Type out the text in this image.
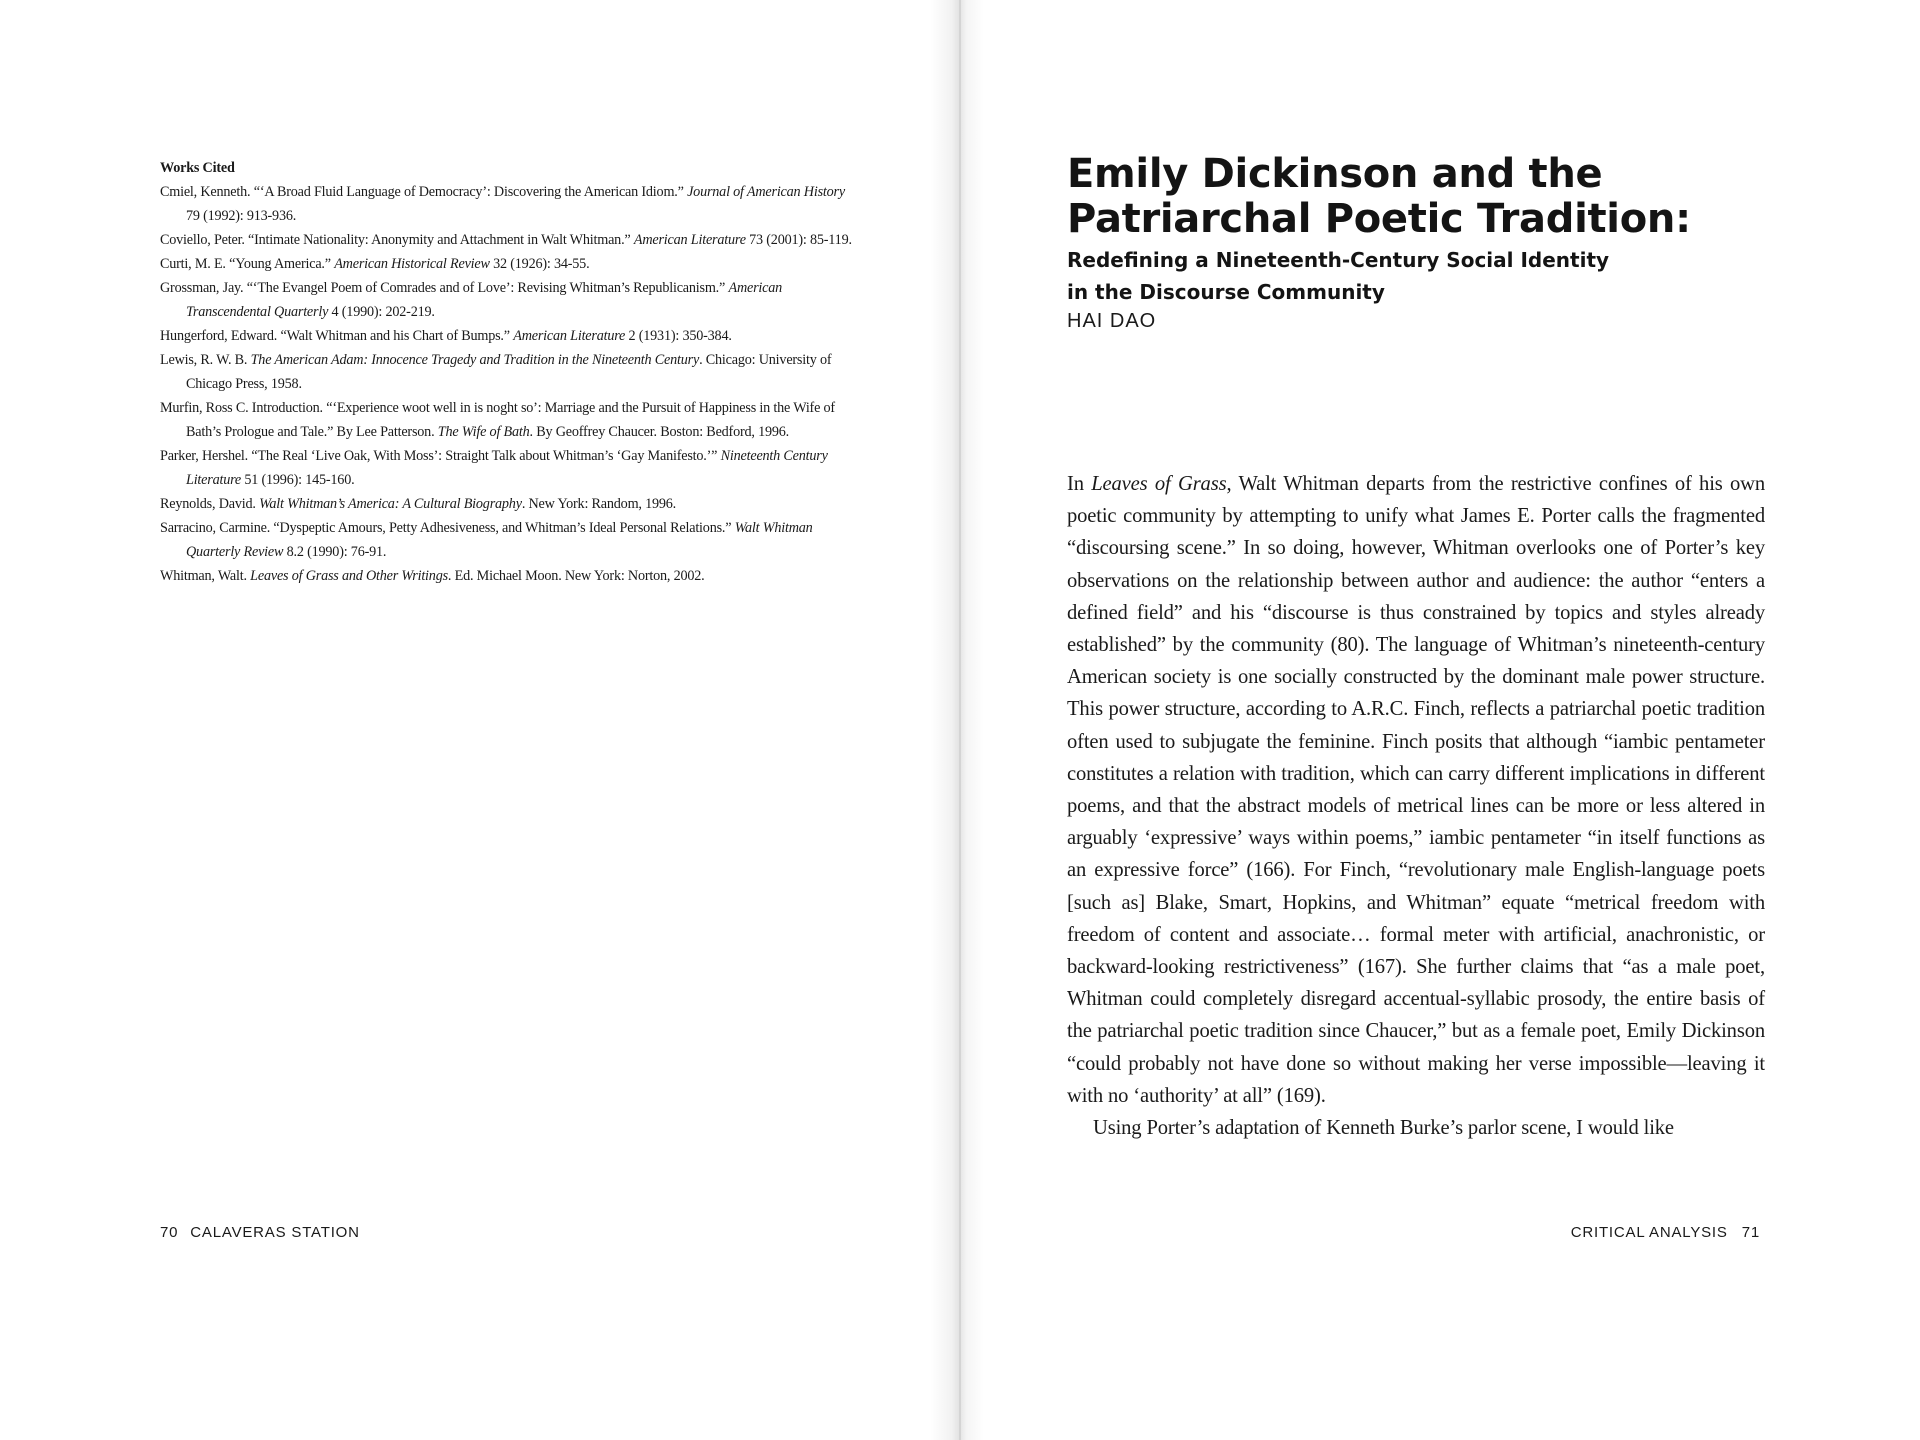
Works Cited

Cmiel, Kenneth. “‘A Broad Fluid Language of Democracy’: Discovering the American Idiom.” Journal of American History 79 (1992): 913-936.

Coviello, Peter. “Intimate Nationality: Anonymity and Attachment in Walt Whitman.” American Literature 73 (2001): 85-119.

Curti, M. E. “Young America.” American Historical Review 32 (1926): 34-55.

Grossman, Jay. “‘The Evangel Poem of Comrades and of Love’: Revising Whitman’s Republicanism.” American Transcendental Quarterly 4 (1990): 202-219.

Hungerford, Edward. “Walt Whitman and his Chart of Bumps.” American Literature 2 (1931): 350-384.

Lewis, R. W. B. The American Adam: Innocence Tragedy and Tradition in the Nineteenth Century. Chicago: University of Chicago Press, 1958.

Murfin, Ross C. Introduction. “‘Experience woot well in is noght so’: Marriage and the Pursuit of Happiness in the Wife of Bath’s Prologue and Tale.” By Lee Patterson. The Wife of Bath. By Geoffrey Chaucer. Boston: Bedford, 1996.

Parker, Hershel. “The Real ‘Live Oak, With Moss’: Straight Talk about Whitman’s ‘Gay Manifesto.’” Nineteenth Century Literature 51 (1996): 145-160.

Reynolds, David. Walt Whitman’s America: A Cultural Biography. New York: Random, 1996.

Sarracino, Carmine. “Dyspeptic Amours, Petty Adhesiveness, and Whitman’s Ideal Personal Relations.” Walt Whitman Quarterly Review 8.2 (1990): 76-91.

Whitman, Walt. Leaves of Grass and Other Writings. Ed. Michael Moon. New York: Norton, 2002.

70 CALAVERAS STATION
Emily Dickinson and the
Patriarchal Poetic Tradition:
Redefining a Nineteenth-Century Social Identity
in the Discourse Community
HAI DAO

In Leaves of Grass, Walt Whitman departs from the restrictive confines of his own poetic community by attempting to unify what James E. Porter calls the fragmented “discoursing scene.” In so doing, however, Whitman overlooks one of Porter’s key observations on the relationship between author and audience: the author “enters a defined field” and his “discourse is thus constrained by topics and styles already established” by the community (80). The language of Whitman’s nineteenth-century American society is one socially constructed by the dominant male power structure. This power structure, according to A.R.C. Finch, reflects a patriarchal poetic tradition often used to subjugate the feminine. Finch posits that although “iambic pentameter constitutes a relation with tradition, which can carry different implications in different poems, and that the abstract models of metrical lines can be more or less altered in arguably ‘expressive’ ways within poems,” iambic pentameter “in itself functions as an expressive force” (166). For Finch, “revolutionary male English-language poets [such as] Blake, Smart, Hopkins, and Whitman” equate “metrical freedom with freedom of content and associate… formal meter with artificial, anachronistic, or backward-looking restrictiveness” (167). She further claims that “as a male poet, Whitman could completely disregard accentual-syllabic prosody, the entire basis of the patriarchal poetic tradition since Chaucer,” but as a female poet, Emily Dickinson “could probably not have done so without making her verse impossible—leaving it with no ‘authority’ at all” (169).

Using Porter’s adaptation of Kenneth Burke’s parlor scene, I would like

CRITICAL ANALYSIS 71
